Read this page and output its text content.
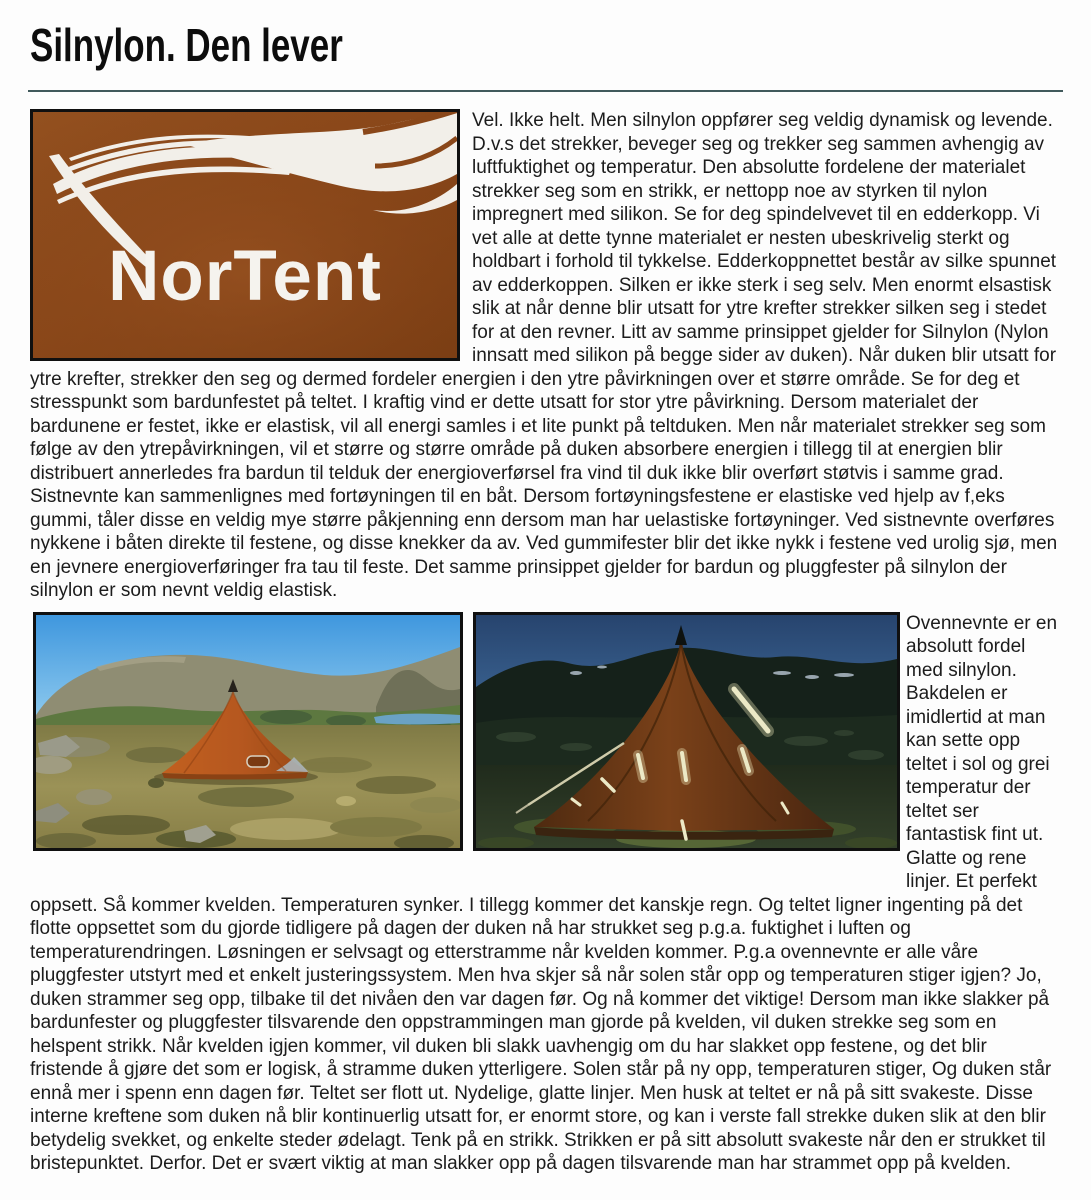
Silnylon. Den lever
NorTent
Vel. Ikke helt. Men silnylon oppfører seg veldig dynamisk og levende. D.v.s det strekker, beveger seg og trekker seg sammen avhengig av luftfuktighet og temperatur. Den absolutte fordelene der materialet strekker seg som en strikk, er nettopp noe av styrken til nylon impregnert med silikon. Se for deg spindelvevet til en edderkopp. Vi vet alle at dette tynne materialet er nesten ubeskrivelig sterkt og holdbart i forhold til tykkelse. Edderkoppnettet består av silke spunnet av edderkoppen. Silken er ikke sterk i seg selv. Men enormt elsastisk slik at når denne blir utsatt for ytre krefter strekker silken seg i stedet for at den revner. Litt av samme prinsippet gjelder for Silnylon (Nylon innsatt med silikon på begge sider av duken). Når duken blir utsatt for ytre krefter, strekker den seg og dermed fordeler energien i den ytre påvirkningen over et større område. Se for deg et stresspunkt som bardunfestet på teltet. I kraftig vind er dette utsatt for stor ytre påvirkning. Dersom materialet der bardunene er festet, ikke er elastisk, vil all energi samles i et lite punkt på teltduken. Men når materialet strekker seg som følge av den ytrepåvirkningen, vil et større og større område på duken absorbere energien i tillegg til at energien blir distribuert annerledes fra bardun til telduk der energioverførsel fra vind til duk ikke blir overført støtvis i samme grad. Sistnevnte kan sammenlignes med fortøyningen til en båt. Dersom fortøyningsfestene er elastiske ved hjelp av f,eks gummi, tåler disse en veldig mye større påkjenning enn dersom man har uelastiske fortøyninger. Ved sistnevnte overføres nykkene i båten direkte til festene, og disse knekker da av. Ved gummifester blir det ikke nykk i festene ved urolig sjø, men en jevnere energioverføringer fra tau til feste. Det samme prinsippet gjelder for bardun og pluggfester på silnylon der silnylon er som nevnt veldig elastisk.
Ovennevnte er en absolutt fordel med silnylon. Bakdelen er imidlertid at man kan sette opp teltet i sol og grei temperatur der teltet ser fantastisk fint ut. Glatte og rene linjer. Et perfekt oppsett. Så kommer kvelden. Temperaturen synker. I tillegg kommer det kanskje regn. Og teltet ligner ingenting på det flotte oppsettet som du gjorde tidligere på dagen der duken nå har strukket seg p.g.a. fuktighet i luften og temperaturendringen. Løsningen er selvsagt og etterstramme når kvelden kommer. P.g.a ovennevnte er alle våre pluggfester utstyrt med et enkelt justeringssystem. Men hva skjer så når solen står opp og temperaturen stiger igjen? Jo, duken strammer seg opp, tilbake til det nivåen den var dagen før. Og nå kommer det viktige! Dersom man ikke slakker på bardunfester og pluggfester tilsvarende den oppstrammingen man gjorde på kvelden, vil duken strekke seg som en helspent strikk. Når kvelden igjen kommer, vil duken bli slakk uavhengig om du har slakket opp festene, og det blir fristende å gjøre det som er logisk, å stramme duken ytterligere. Solen står på ny opp, temperaturen stiger, Og duken står ennå mer i spenn enn dagen før. Teltet ser flott ut. Nydelige, glatte linjer. Men husk at teltet er nå på sitt svakeste. Disse interne kreftene som duken nå blir kontinuerlig utsatt for, er enormt store, og kan i verste fall strekke duken slik at den blir betydelig svekket, og enkelte steder ødelagt. Tenk på en strikk. Strikken er på sitt absolutt svakeste når den er strukket til bristepunktet. Derfor. Det er svært viktig at man slakker opp på dagen tilsvarende man har strammet opp på kvelden.
